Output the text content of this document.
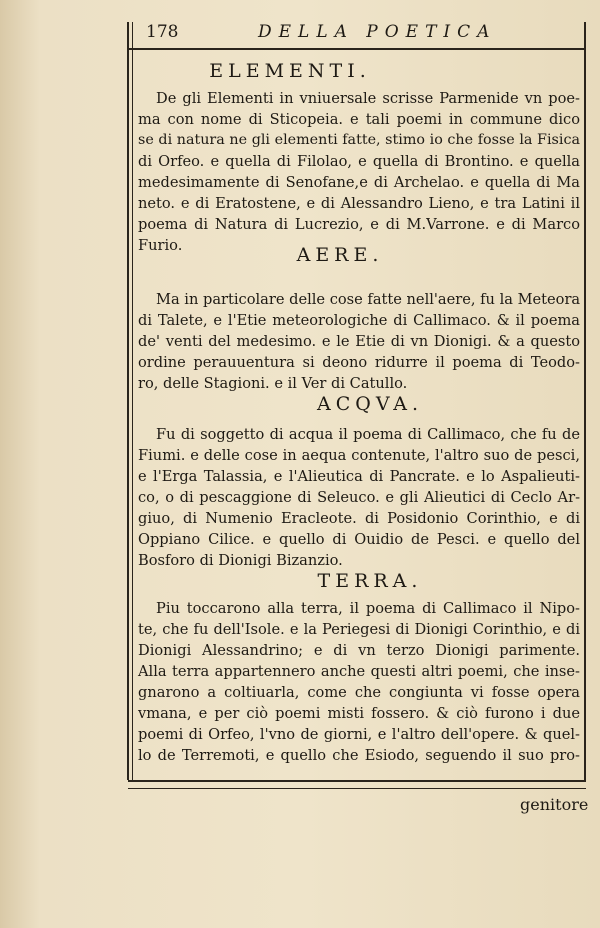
178	DELLA POETICA
ELEMENTI.
De gli Elementi in vniuersale scrisse Parmenide vn poe-
ma con nome di Sticopeia. e tali poemi in commune dico
se di natura ne gli elementi fatte, stimo io che fosse la Fisica
di Orfeo. e quella di Filolao, e quella di Brontino. e quella
medesimamente di Senofane,e di Archelao. e quella di Ma
neto. e di Eratostene, e di Alessandro Lieno, e tra Latini il
poema di Natura di Lucrezio, e di M.Varrone. e di Marco
Furio.	AERE.
Ma in particolare delle cose fatte nell'aere, fu la Meteora
di Talete, e l'Etie meteorologiche di Callimaco. & il poema
de' venti del medesimo. e le Etie di vn Dionigi. & a questo
ordine perauuentura si deono ridurre il poema di Teodo-
ro, delle Stagioni. e il Ver di Catullo.
ACQVA.
Fu di soggetto di acqua il poema di Callimaco, che fu de
Fiumi. e delle cose in aequa contenute, l'altro suo de pesci,
e l'Erga Talassia, e l'Alieutica di Pancrate. e lo Aspalieuti-
co, o di pescaggione di Seleuco. e gli Alieutici di Ceclo Ar-
giuo, di Numenio Eracleote. di Posidonio Corinthio, e di
Oppiano Cilice. e quello di Ouidio de Pesci. e quello del
Bosforo di Dionigi Bizanzio.
TERRA.
Piu toccarono alla terra, il poema di Callimaco il Nipo-
te, che fu dell'Isole. e la Periegesi di Dionigi Corinthio, e di
Dionigi Alessandrino; e di vn terzo Dionigi parimente.
Alla terra appartennero anche questi altri poemi, che inse-
gnarono a coltiuarla, come che congiunta vi fosse opera
vmana, e per ciò poemi misti fossero. & ciò furono i due
poemi di Orfeo, l'vno de giorni, e l'altro dell'opere. & quel-
lo de Terremoti, e quello che Esiodo, seguendo il suo pro-
genitore
